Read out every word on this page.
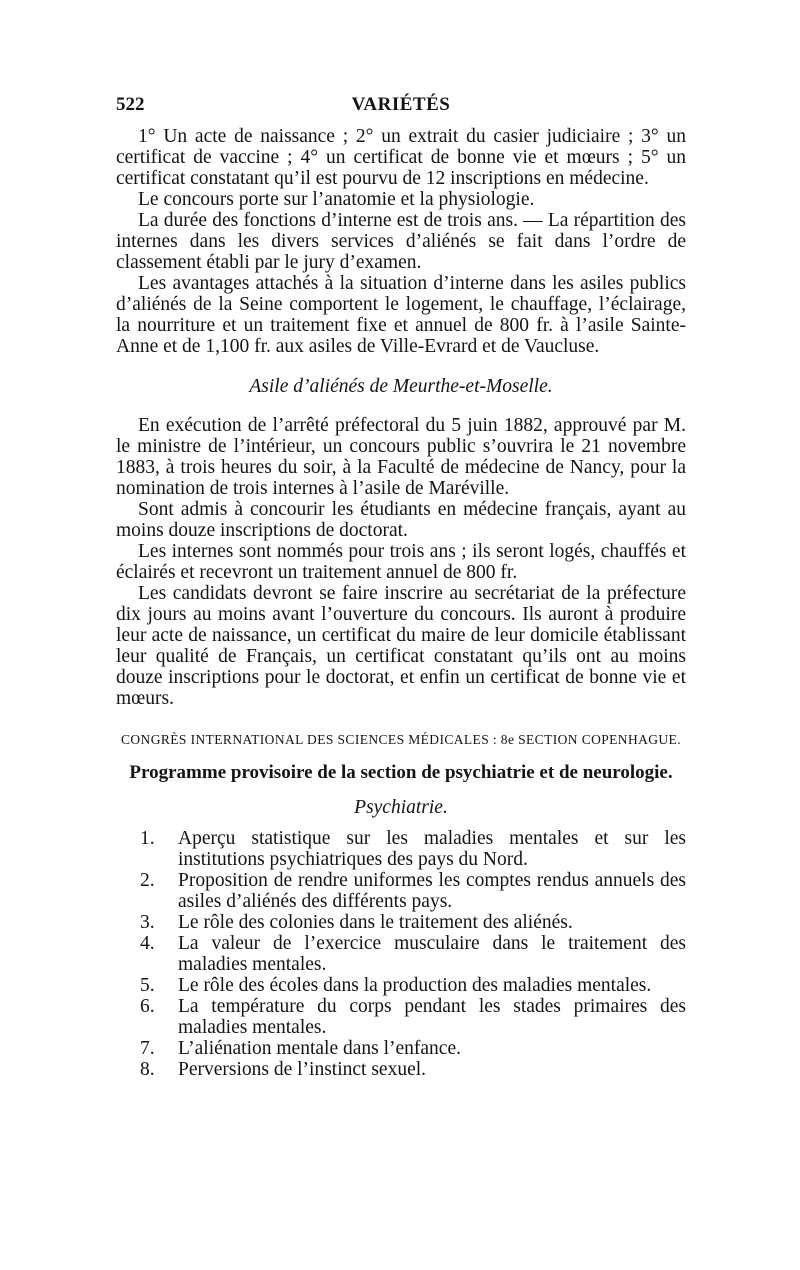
522	VARIÉTÉS

1° Un acte de naissance ; 2° un extrait du casier judiciaire ; 3° un certificat de vaccine ; 4° un certificat de bonne vie et mœurs ; 5° un certificat constatant qu’il est pourvu de 12 inscriptions en médecine.

Le concours porte sur l’anatomie et la physiologie.

La durée des fonctions d’interne est de trois ans. — La répartition des internes dans les divers services d’aliénés se fait dans l’ordre de classement établi par le jury d’examen.

Les avantages attachés à la situation d’interne dans les asiles publics d’aliénés de la Seine comportent le logement, le chauffage, l’éclairage, la nourriture et un traitement fixe et annuel de 800 fr. à l’asile Sainte-Anne et de 1,100 fr. aux asiles de Ville-Evrard et de Vaucluse.

Asile d’aliénés de Meurthe-et-Moselle.

En exécution de l’arrêté préfectoral du 5 juin 1882, approuvé par M. le ministre de l’intérieur, un concours public s’ouvrira le 21 novembre 1883, à trois heures du soir, à la Faculté de médecine de Nancy, pour la nomination de trois internes à l’asile de Maréville.

Sont admis à concourir les étudiants en médecine français, ayant au moins douze inscriptions de doctorat.

Les internes sont nommés pour trois ans ; ils seront logés, chauffés et éclairés et recevront un traitement annuel de 800 fr.

Les candidats devront se faire inscrire au secrétariat de la préfecture dix jours au moins avant l’ouverture du concours. Ils auront à produire leur acte de naissance, un certificat du maire de leur domicile établissant leur qualité de Français, un certificat constatant qu’ils ont au moins douze inscriptions pour le doctorat, et enfin un certificat de bonne vie et mœurs.

CONGRÈS INTERNATIONAL DES SCIENCES MÉDICALES : 8e SECTION COPENHAGUE.
Programme provisoire de la section de psychiatrie et de neurologie.
Psychiatrie.
1. Aperçu statistique sur les maladies mentales et sur les institutions psychiatriques des pays du Nord.
2. Proposition de rendre uniformes les comptes rendus annuels des asiles d’aliénés des différents pays.
3. Le rôle des colonies dans le traitement des aliénés.
4. La valeur de l’exercice musculaire dans le traitement des maladies mentales.
5. Le rôle des écoles dans la production des maladies mentales.
6. La température du corps pendant les stades primaires des maladies mentales.
7. L’aliénation mentale dans l’enfance.
8. Perversions de l’instinct sexuel.
